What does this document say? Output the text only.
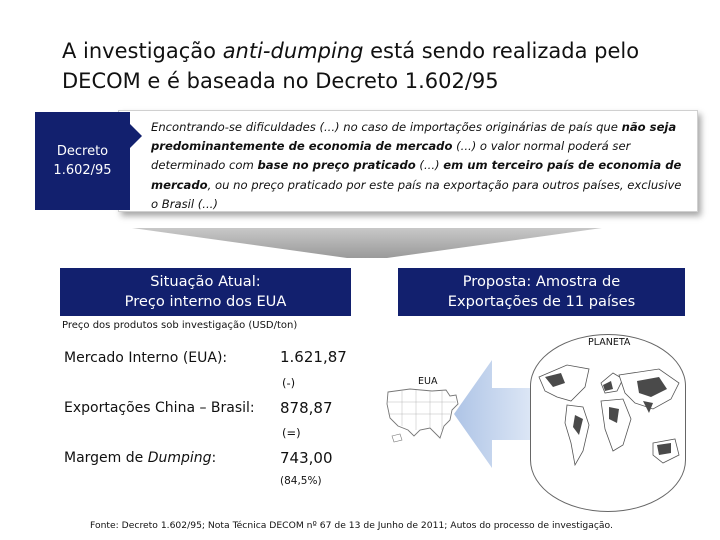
A investigação anti-dumping está sendo realizada pelo
DECOM e é baseada no Decreto 1.602/95
Encontrando-se dificuldades (...) no caso de importações originárias de país que não seja predominantemente de economia de mercado (...) o valor normal poderá ser determinado com base no preço praticado (...) em um terceiro país de economia de mercado, ou no preço praticado por este país na exportação para outros países, exclusive o Brasil (...)
Decreto
1.602/95
Situação Atual:
Preço interno dos EUA
Proposta: Amostra de
Exportações de 11 países
Preço dos produtos sob investigação (USD/ton)
Mercado Interno (EUA):	1.621,87
(-)
Exportações China – Brasil: 878,87
(=)
Margem de Dumping:	743,00
(84,5%)
EUA
PLANETA
Fonte: Decreto 1.602/95; Nota Técnica DECOM nº 67 de 13 de Junho de 2011; Autos do processo de investigação.
